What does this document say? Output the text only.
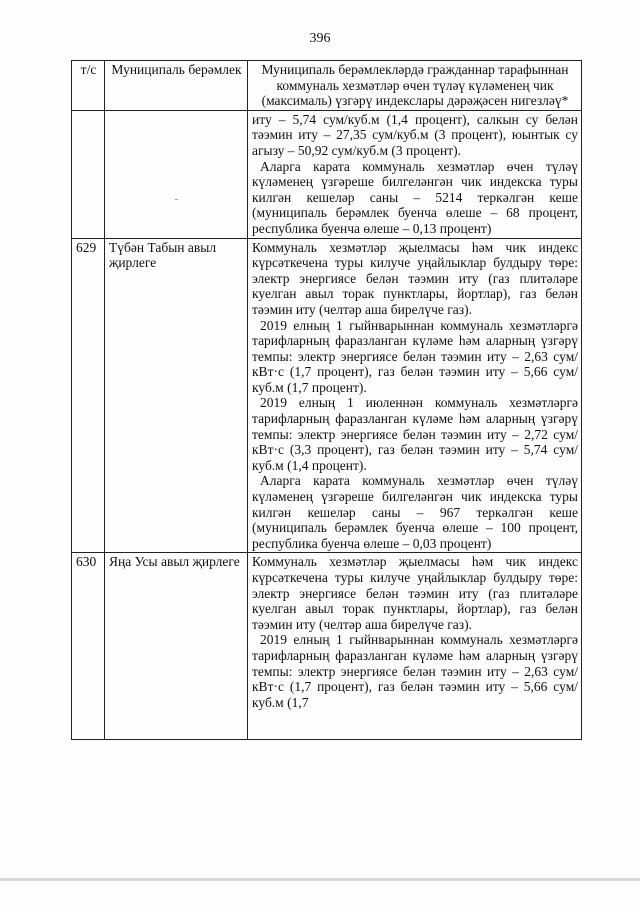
396
т/с	Муниципаль берәмлек	Муниципаль берәмлекләрдә гражданнар тарафыннан коммуналь хезмәтләр өчен түләү күләменең чик (максималь) үзгәрү индекслары дәрәҗәсен нигезләү*

	-	иту – 5,74 сум/куб.м (1,4 процент), салкын су белән тәэмин иту – 27,35 сум/куб.м (3 процент), юынтык су агызу – 50,92 сум/куб.м (3 процент).

Аларга карата коммуналь хезмәтләр өчен түләү күләменең үзгәреше билгеләнгән чик индекска туры килгән кешеләр саны – 5214 теркәлгән кеше (муниципаль берәмлек буенча өлеше – 68 процент, республика буенча өлеше – 0,13 процент)

629	Түбән Табын авыл җирлеге	Коммуналь хезмәтләр җыелмасы һәм чик индекс күрсәткечена туры килуче уңайлыклар булдыру төре: электр энергиясе белән тәэмин иту (газ плитәләре куелган авыл торак пунктлары, йортлар), газ белән тәэмин иту (челтәр аша бирелүче газ).

2019 елның 1 гыйнварыннан коммуналь хезмәтләргә тарифларның фаразланган күләме һәм аларның үзгәрү темпы: электр энергиясе белән тәэмин иту – 2,63 сум/кВт·с (1,7 процент), газ белән тәэмин иту – 5,66 сум/куб.м (1,7 процент).

2019 елның 1 июленнән коммуналь хезмәтләргә тарифларның фаразланган күләме һәм аларның үзгәрү темпы: электр энергиясе белән тәэмин иту – 2,72 сум/кВт·с (3,3 процент), газ белән тәэмин иту – 5,74 сум/куб.м (1,4 процент).

Аларга карата коммуналь хезмәтләр өчен түләү күләменең үзгәреше билгеләнгән чик индекска туры килгән кешеләр саны – 967 теркәлгән кеше (муниципаль берәмлек буенча өлеше – 100 процент, республика буенча өлеше – 0,03 процент)

630	Яңа Усы авыл җирлеге	Коммуналь хезмәтләр җыелмасы һәм чик индекс күрсәткечена туры килуче уңайлыклар булдыру төре: электр энергиясе белән тәэмин иту (газ плитәләре куелган авыл торак пунктлары, йортлар), газ белән тәэмин иту (челтәр аша бирелүче газ).

2019 елның 1 гыйнварыннан коммуналь хезмәтләргә тарифларның фаразланган күләме һәм аларның үзгәрү темпы: электр энергиясе белән тәэмин иту – 2,63 сум/кВт·с (1,7 процент), газ белән тәэмин иту – 5,66 сум/куб.м (1,7
